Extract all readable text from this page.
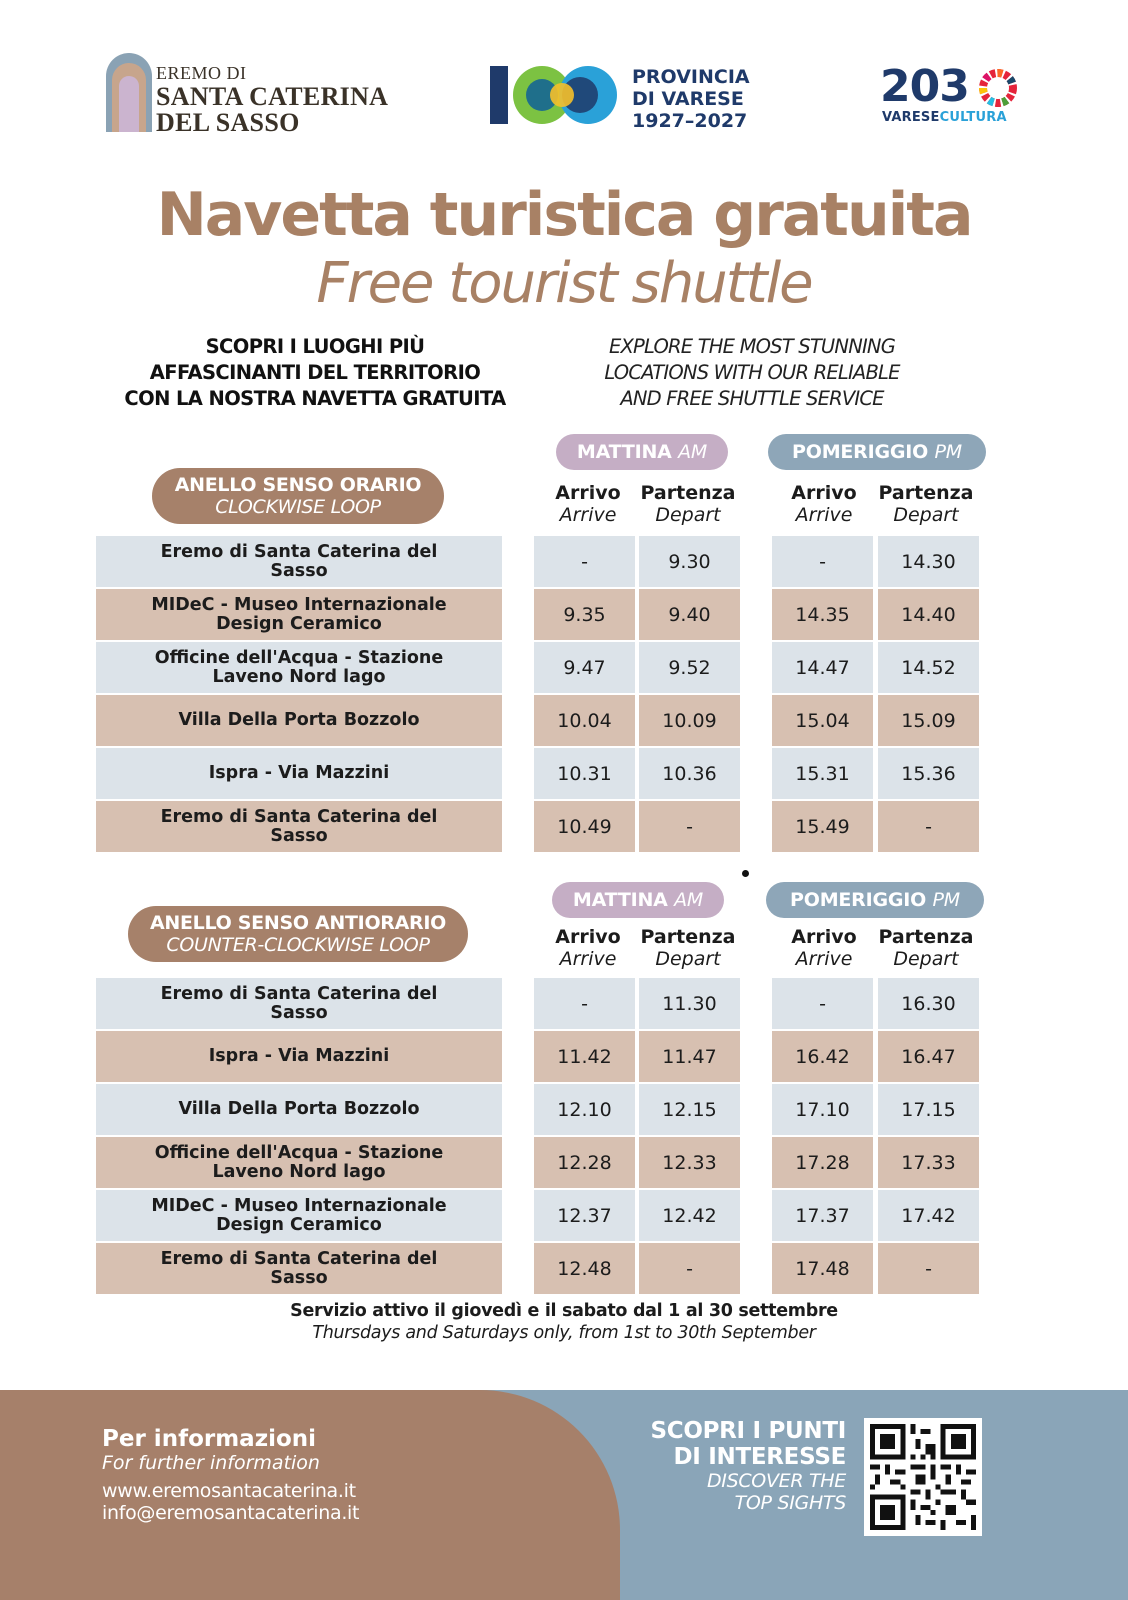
EREMO DI
SANTA CATERINA
DEL SASSO
PROVINCIA
DI VARESE
1927–2027
203
VARESECULTURA
Navetta turistica gratuita
Free tourist shuttle
SCOPRI I LUOGHI PIÙ
AFFASCINANTI DEL TERRITORIO
CON LA NOSTRA NAVETTA GRATUITA
EXPLORE THE MOST STUNNING
LOCATIONS WITH OUR RELIABLE
AND FREE SHUTTLE SERVICE
MATTINA AM	POMERIGGIO PM
ANELLO SENSO ORARIO
CLOCKWISE LOOP
Arrivo
Arrive
Partenza
Depart
Arrivo
Arrive
Partenza
Depart
Eremo di Santa Caterina del Sasso	-	9.30	-	14.30
MIDeC - Museo Internazionale
Design Ceramico	9.35	9.40	14.35	14.40
Officine dell'Acqua - Stazione
Laveno Nord lago	9.47	9.52	14.47	14.52
Villa Della Porta Bozzolo	10.04	10.09	15.04	15.09
Ispra - Via Mazzini	10.31	10.36	15.31	15.36
Eremo di Santa Caterina del Sasso	10.49	-	15.49	-
MATTINA AM	POMERIGGIO PM
ANELLO SENSO ANTIORARIO
COUNTER-CLOCKWISE LOOP	Arrivo
Arrive
Partenza
Depart
Arrivo
Arrive
Partenza
Depart
Eremo di Santa Caterina del Sasso	-	11.30	-	16.30
Ispra - Via Mazzini	11.42	11.47	16.42	16.47
Villa Della Porta Bozzolo	12.10	12.15	17.10	17.15
Officine dell'Acqua - Stazione
Laveno Nord lago	12.28	12.33	17.28	17.33
MIDeC - Museo Internazionale
Design Ceramico	12.37	12.42	17.37	17.42
Eremo di Santa Caterina del Sasso	12.48	-	17.48	-
Servizio attivo il giovedì e il sabato dal 1 al 30 settembre
Thursdays and Saturdays only, from 1st to 30th September
Per informazioni
For further information
www.eremosantacaterina.it
info@eremosantacaterina.it
SCOPRI I PUNTI
DI INTERESSE
DISCOVER THE
TOP SIGHTS
